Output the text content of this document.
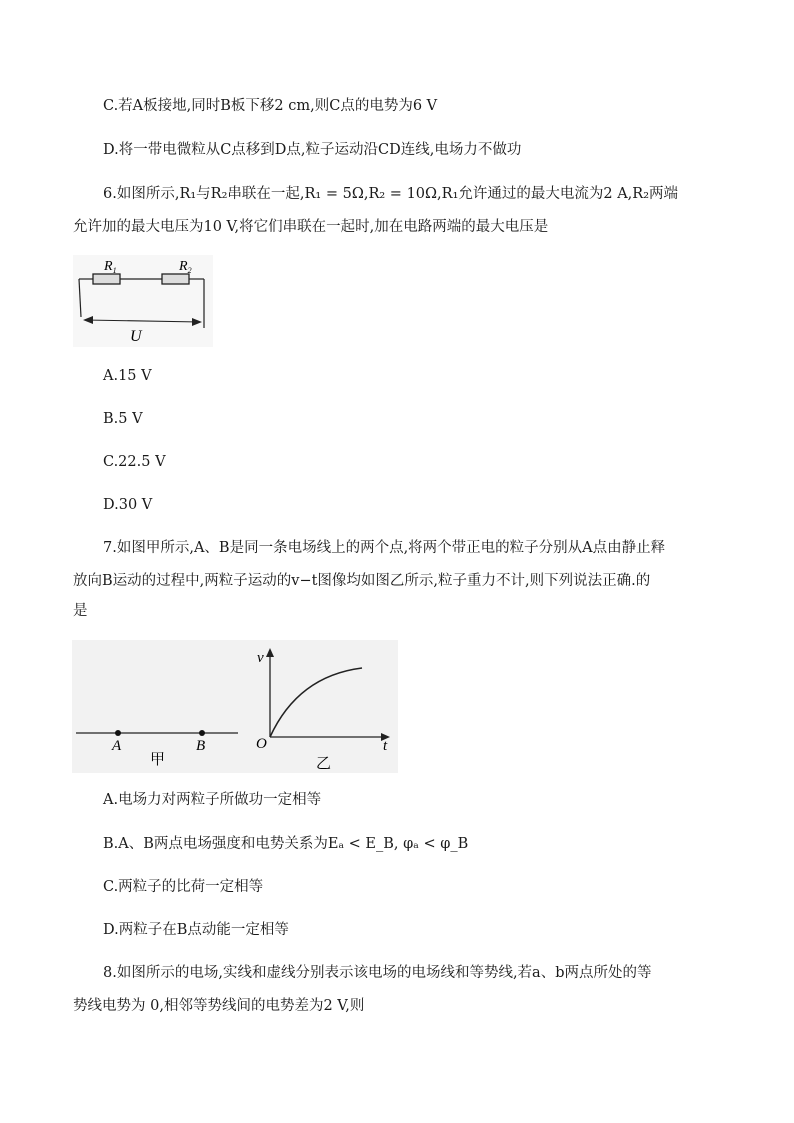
C.若A板接地,同时B板下移2 cm,则C点的电势为6 V
D.将一带电微粒从C点移到D点,粒子运动沿CD连线,电场力不做功
6.如图所示,R₁与R₂串联在一起,R₁ = 5Ω,R₂ = 10Ω,R₁允许通过的最大电流为2 A,R₂两端
允许加的最大电压为10 V,将它们串联在一起时,加在电路两端的最大电压是
$R_1$	$R_2$
U
A.15 V
B.5 V
C.22.5 V
D.30 V
7.如图甲所示,A、B是同一条电场线上的两个点,将两个带正电的粒子分别从A点由静止释
放向B运动的过程中,两粒子运动的v−t图像均如图乙所示,粒子重力不计,则下列说法正确.的
是
A	B
甲
v
O	t
乙
A.电场力对两粒子所做功一定相等
B.A、B两点电场强度和电势关系为Eₐ < E_B, φₐ < φ_B
C.两粒子的比荷一定相等
D.两粒子在B点动能一定相等
8.如图所示的电场,实线和虚线分别表示该电场的电场线和等势线,若a、b两点所处的等
势线电势为 0,相邻等势线间的电势差为2 V,则
